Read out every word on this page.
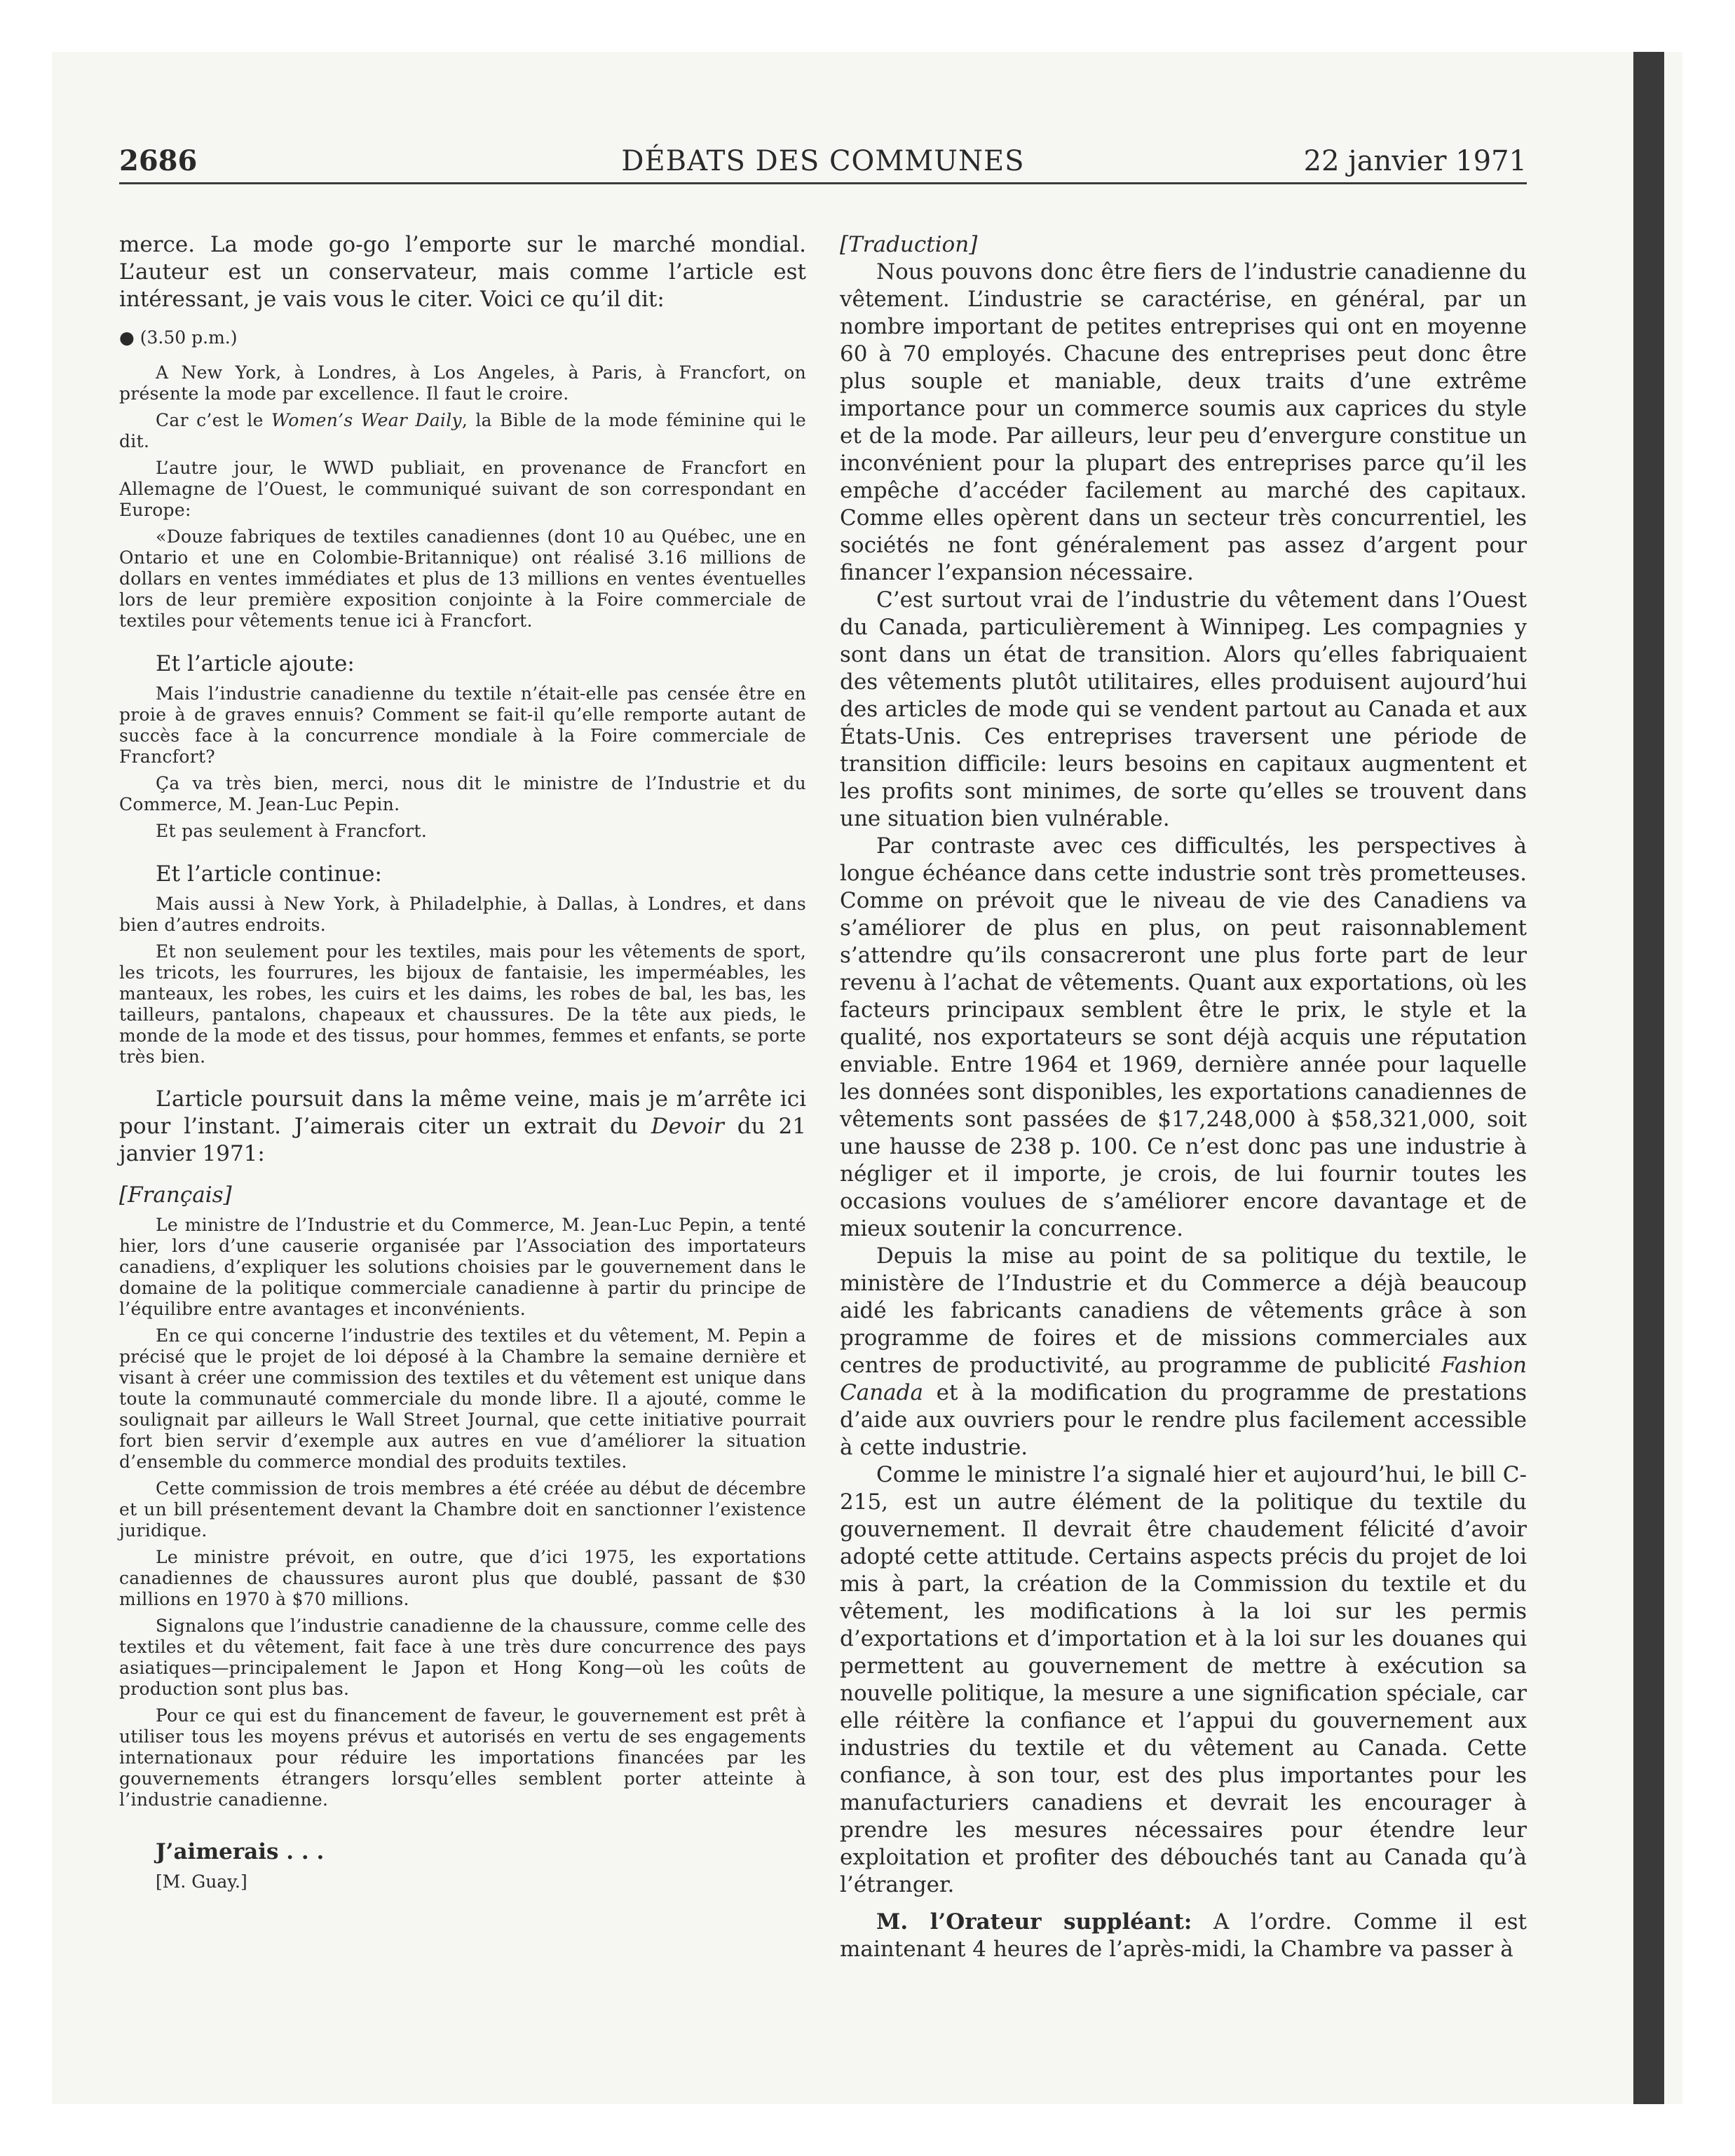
2686	DÉBATS DES COMMUNES	22 janvier 1971

merce. La mode go-go l’emporte sur le marché mondial. L’auteur est un conservateur, mais comme l’article est intéressant, je vais vous le citer. Voici ce qu’il dit:

● (3.50 p.m.)

A New York, à Londres, à Los Angeles, à Paris, à Francfort, on présente la mode par excellence. Il faut le croire.

Car c’est le Women’s Wear Daily, la Bible de la mode féminine qui le dit.

L’autre jour, le WWD publiait, en provenance de Francfort en Allemagne de l’Ouest, le communiqué suivant de son correspondant en Europe:

«Douze fabriques de textiles canadiennes (dont 10 au Québec, une en Ontario et une en Colombie-Britannique) ont réalisé 3.16 millions de dollars en ventes immédiates et plus de 13 millions en ventes éventuelles lors de leur première exposition conjointe à la Foire commerciale de textiles pour vêtements tenue ici à Francfort.

Et l’article ajoute:

Mais l’industrie canadienne du textile n’était-elle pas censée être en proie à de graves ennuis? Comment se fait-il qu’elle remporte autant de succès face à la concurrence mondiale à la Foire commerciale de Francfort?

Ça va très bien, merci, nous dit le ministre de l’Industrie et du Commerce, M. Jean-Luc Pepin.

Et pas seulement à Francfort.

Et l’article continue:

Mais aussi à New York, à Philadelphie, à Dallas, à Londres, et dans bien d’autres endroits.

Et non seulement pour les textiles, mais pour les vêtements de sport, les tricots, les fourrures, les bijoux de fantaisie, les imperméables, les manteaux, les robes, les cuirs et les daims, les robes de bal, les bas, les tailleurs, pantalons, chapeaux et chaussures. De la tête aux pieds, le monde de la mode et des tissus, pour hommes, femmes et enfants, se porte très bien.

L’article poursuit dans la même veine, mais je m’arrête ici pour l’instant. J’aimerais citer un extrait du Devoir du 21 janvier 1971:

[Français]

Le ministre de l’Industrie et du Commerce, M. Jean-Luc Pepin, a tenté hier, lors d’une causerie organisée par l’Association des importateurs canadiens, d’expliquer les solutions choisies par le gouvernement dans le domaine de la politique commerciale canadienne à partir du principe de l’équilibre entre avantages et inconvénients.

En ce qui concerne l’industrie des textiles et du vêtement, M. Pepin a précisé que le projet de loi déposé à la Chambre la semaine dernière et visant à créer une commission des textiles et du vêtement est unique dans toute la communauté commerciale du monde libre. Il a ajouté, comme le soulignait par ailleurs le Wall Street Journal, que cette initiative pourrait fort bien servir d’exemple aux autres en vue d’améliorer la situation d’ensemble du commerce mondial des produits textiles.

Cette commission de trois membres a été créée au début de décembre et un bill présentement devant la Chambre doit en sanctionner l’existence juridique.

Le ministre prévoit, en outre, que d’ici 1975, les exportations canadiennes de chaussures auront plus que doublé, passant de $30 millions en 1970 à $70 millions.

Signalons que l’industrie canadienne de la chaussure, comme celle des textiles et du vêtement, fait face à une très dure concurrence des pays asiatiques—principalement le Japon et Hong Kong—où les coûts de production sont plus bas.

Pour ce qui est du financement de faveur, le gouvernement est prêt à utiliser tous les moyens prévus et autorisés en vertu de ses engagements internationaux pour réduire les importations financées par les gouvernements étrangers lorsqu’elles semblent porter atteinte à l’industrie canadienne.

J’aimerais . . .

[M. Guay.]

[Traduction]

Nous pouvons donc être fiers de l’industrie canadienne du vêtement. L’industrie se caractérise, en général, par un nombre important de petites entreprises qui ont en moyenne 60 à 70 employés. Chacune des entreprises peut donc être plus souple et maniable, deux traits d’une extrême importance pour un commerce soumis aux caprices du style et de la mode. Par ailleurs, leur peu d’envergure constitue un inconvénient pour la plupart des entreprises parce qu’il les empêche d’accéder facilement au marché des capitaux. Comme elles opèrent dans un secteur très concurrentiel, les sociétés ne font généralement pas assez d’argent pour financer l’expansion nécessaire.

C’est surtout vrai de l’industrie du vêtement dans l’Ouest du Canada, particulièrement à Winnipeg. Les compagnies y sont dans un état de transition. Alors qu’elles fabriquaient des vêtements plutôt utilitaires, elles produisent aujourd’hui des articles de mode qui se vendent partout au Canada et aux États-Unis. Ces entreprises traversent une période de transition difficile: leurs besoins en capitaux augmentent et les profits sont minimes, de sorte qu’elles se trouvent dans une situation bien vulnérable.

Par contraste avec ces difficultés, les perspectives à longue échéance dans cette industrie sont très prometteuses. Comme on prévoit que le niveau de vie des Canadiens va s’améliorer de plus en plus, on peut raisonnablement s’attendre qu’ils consacreront une plus forte part de leur revenu à l’achat de vêtements. Quant aux exportations, où les facteurs principaux semblent être le prix, le style et la qualité, nos exportateurs se sont déjà acquis une réputation enviable. Entre 1964 et 1969, dernière année pour laquelle les données sont disponibles, les exportations canadiennes de vêtements sont passées de $17,248,000 à $58,321,000, soit une hausse de 238 p. 100. Ce n’est donc pas une industrie à négliger et il importe, je crois, de lui fournir toutes les occasions voulues de s’améliorer encore davantage et de mieux soutenir la concurrence.

Depuis la mise au point de sa politique du textile, le ministère de l’Industrie et du Commerce a déjà beaucoup aidé les fabricants canadiens de vêtements grâce à son programme de foires et de missions commerciales aux centres de productivité, au programme de publicité Fashion Canada et à la modification du programme de prestations d’aide aux ouvriers pour le rendre plus facilement accessible à cette industrie.

Comme le ministre l’a signalé hier et aujourd’hui, le bill C-215, est un autre élément de la politique du textile du gouvernement. Il devrait être chaudement félicité d’avoir adopté cette attitude. Certains aspects précis du projet de loi mis à part, la création de la Commission du textile et du vêtement, les modifications à la loi sur les permis d’exportations et d’importation et à la loi sur les douanes qui permettent au gouvernement de mettre à exécution sa nouvelle politique, la mesure a une signification spéciale, car elle réitère la confiance et l’appui du gouvernement aux industries du textile et du vêtement au Canada. Cette confiance, à son tour, est des plus importantes pour les manufacturiers canadiens et devrait les encourager à prendre les mesures nécessaires pour étendre leur exploitation et profiter des débouchés tant au Canada qu’à l’étranger.

M. l’Orateur suppléant: A l’ordre. Comme il est maintenant 4 heures de l’après-midi, la Chambre va passer à
